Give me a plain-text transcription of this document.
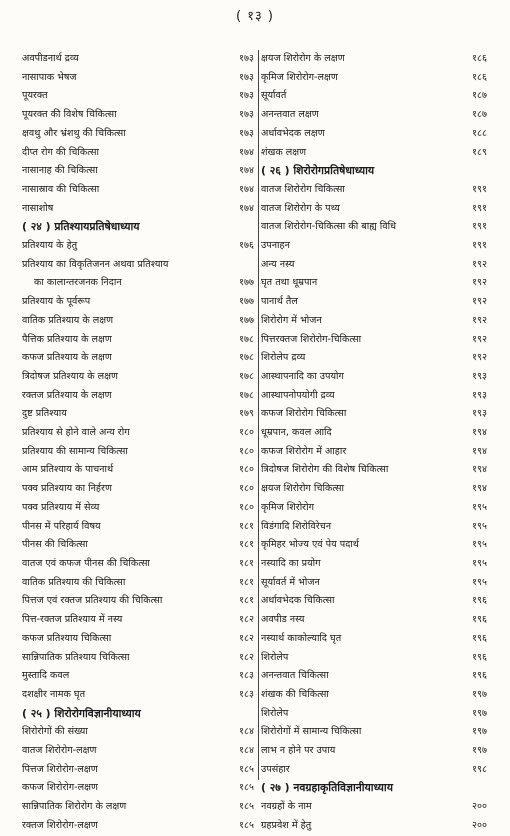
( १३ )
अवपीडनार्थ द्रव्य	१७३
नासापाक भेषज	१७३
पूयरक्त	१७३
पूयरक्त की विशेष चिकित्सा	१७३
क्षवथु और भ्रंशथु की चिकित्सा	१७३
दीप्त रोग की चिकित्सा	१७४
नासानाह की चिकित्सा	१७४
नासास्राव की चिकित्सा	१७४
नासाशोष	१७४
( २४ ) प्रतिश्यायप्रतिषेधाध्याय
प्रतिश्याय के हेतु	१७६
प्रतिश्याय का विकृतिजनन अथवा प्रतिश्याय
का कालान्तरजनक निदान	१७७
प्रतिश्याय के पूर्वरूप	१७७
वातिक प्रतिश्याय के लक्षण	१७७
पैत्तिक प्रतिश्याय के लक्षण	१७८
कफज प्रतिश्याय के लक्षण	१७८
त्रिदोषज प्रतिश्याय के लक्षण	१७८
रक्तज प्रतिश्याय के लक्षण	१७८
दुष्ट प्रतिश्याय	१७९
प्रतिश्याय से होने वाले अन्य रोग	१८०
प्रतिश्याय की सामान्य चिकित्सा	१८०
आम प्रतिश्याय के पाचनार्थ	१८०
पक्व प्रतिश्याय का निर्हरण	१८०
पक्व प्रतिश्याय में सेव्य	१८०
पीनस में परिहार्य विषय	१८१
पीनस की चिकित्सा	१८१
वातज एवं कफज पीनस की चिकित्सा	१८१
वातिक प्रतिश्याय की चिकित्सा	१८१
पित्तज एवं रक्तज प्रतिश्याय की चिकित्सा	१८१
पित्त-रक्तज प्रतिश्याय में नस्य	१८२
कफज प्रतिश्याय चिकित्सा	१८२
सान्निपातिक प्रतिश्याय चिकित्सा	१८२
मुस्तादि कवल	१८३
दशक्षीर नामक घृत	१८३
( २५ ) शिरोरोगविज्ञानीयाध्याय
शिरोरोगों की संख्या	१८४
वातज शिरोरोग-लक्षण	१८४
पित्तज शिरोरोग-लक्षण	१८५
कफज शिरोरोग-लक्षण	१८५
सान्निपातिक शिरोरोग के लक्षण	१८५
रक्तज शिरोरोग-लक्षण	१८५
क्षयज शिरोरोग के लक्षण	१८६
कृमिज शिरोरोग-लक्षण	१८६
सूर्यावर्त	१८७
अनन्तवात लक्षण	१८७
अर्धावभेदक लक्षण	१८८
शंखक लक्षण	१८९
( २६ ) शिरोरोगप्रतिषेधाध्याय
वातज शिरोरोग चिकित्सा	१९१
वातज शिरोरोग के पथ्य	१९१
वातज शिरोरोग-चिकित्सा की बाह्य विधि	१९१
उपनाहन	१९१
अन्य नस्य	१९२
घृत तथा धूम्रपान	१९२
पानार्थ तैल	१९२
शिरोरोग में भोजन	१९२
पित्तरक्तज शिरोरोग-चिकित्सा	१९२
शिरोलेप द्रव्य	१९२
आस्थापनादि का उपयोग	१९३
आस्थापनोपयोगी द्रव्य	१९३
कफज शिरोरोग चिकित्सा	१९३
धूम्रपान, कवल आदि	१९४
कफज शिरोरोग में आहार	१९४
त्रिदोषज शिरोरोग की विशेष चिकित्सा	१९४
क्षयज शिरोरोग चिकित्सा	१९४
कृमिज शिरोरोग	१९५
विडंगादि शिरोविरेचन	१९५
कृमिहर भोज्य एवं पेय पदार्थ	१९५
नस्यादि का प्रयोग	१९५
सूर्यावर्त में भोजन	१९५
अर्धावभेदक चिकित्सा	१९६
अवपीड नस्य	१९६
नस्यार्थ काकोल्यादि घृत	१९६
शिरोलेप	१९६
अनन्तवात चिकित्सा	१९६
शंखक की चिकित्सा	१९७
शिरोलेप	१९७
शिरोरोगों में सामान्य चिकित्सा	१९७
लाभ न होने पर उपाय	१९७
उपसंहार	१९८
( २७ ) नवग्रहाकृतिविज्ञानीयाध्याय
नवग्रहों के नाम	२००
ग्रहप्रवेश में हेतु	२००
